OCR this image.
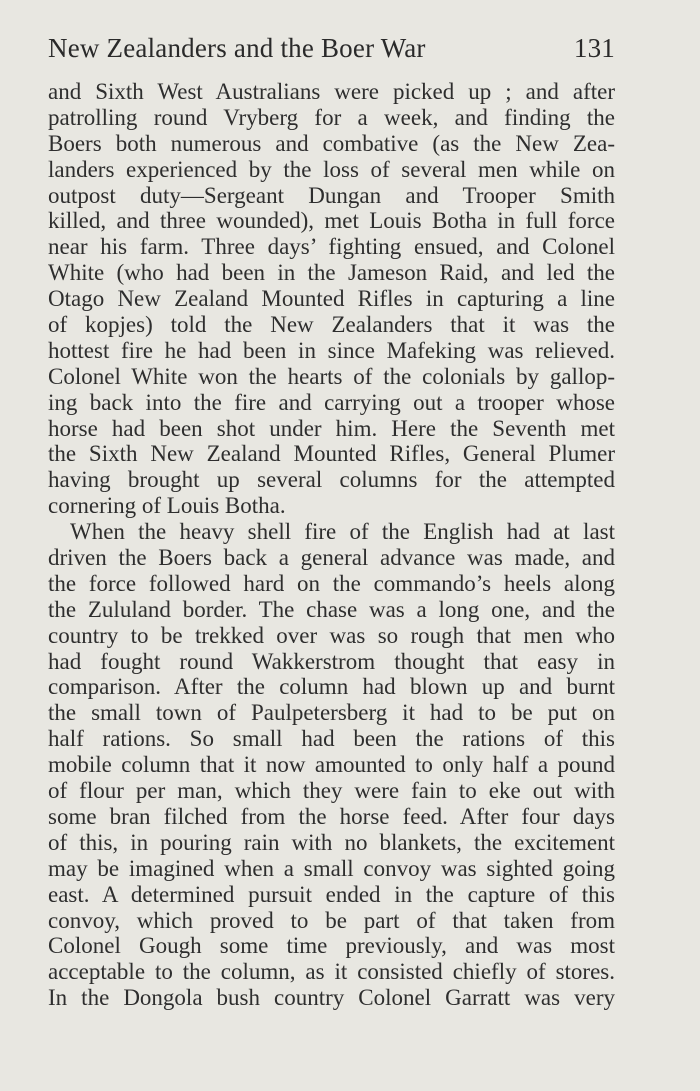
New Zealanders and the Boer War	131
and Sixth West Australians were picked up ; and after
patrolling round Vryberg for a week, and finding the
Boers both numerous and combative (as the New Zea-
landers experienced by the loss of several men while on
outpost duty—Sergeant Dungan and Trooper Smith
killed, and three wounded), met Louis Botha in full force
near his farm. Three days’ fighting ensued, and Colonel
White (who had been in the Jameson Raid, and led the
Otago New Zealand Mounted Rifles in capturing a line
of kopjes) told the New Zealanders that it was the
hottest fire he had been in since Mafeking was relieved.
Colonel White won the hearts of the colonials by gallop-
ing back into the fire and carrying out a trooper whose
horse had been shot under him. Here the Seventh met
the Sixth New Zealand Mounted Rifles, General Plumer
having brought up several columns for the attempted
cornering of Louis Botha.
When the heavy shell fire of the English had at last
driven the Boers back a general advance was made, and
the force followed hard on the commando’s heels along
the Zululand border. The chase was a long one, and the
country to be trekked over was so rough that men who
had fought round Wakkerstrom thought that easy in
comparison. After the column had blown up and burnt
the small town of Paulpetersberg it had to be put on
half rations. So small had been the rations of this
mobile column that it now amounted to only half a pound
of flour per man, which they were fain to eke out with
some bran filched from the horse feed. After four days
of this, in pouring rain with no blankets, the excitement
may be imagined when a small convoy was sighted going
east. A determined pursuit ended in the capture of this
convoy, which proved to be part of that taken from
Colonel Gough some time previously, and was most
acceptable to the column, as it consisted chiefly of stores.
In the Dongola bush country Colonel Garratt was very
